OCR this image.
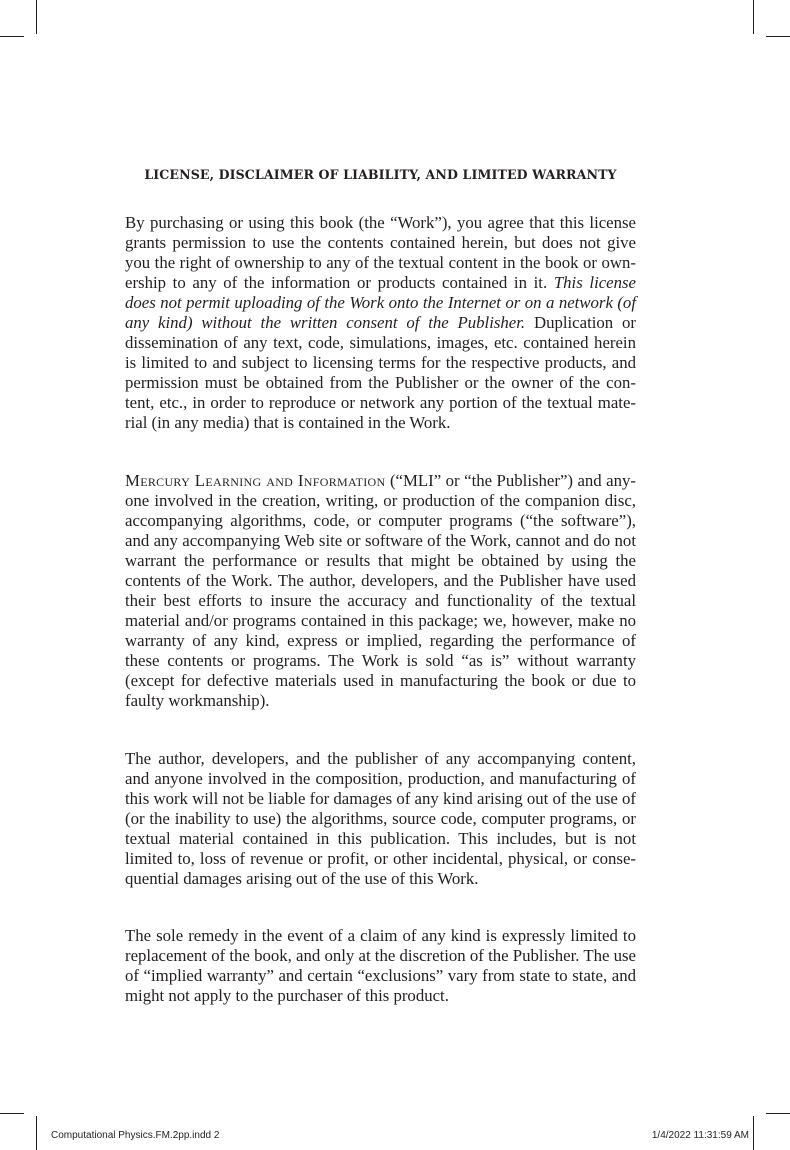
LICENSE, DISCLAIMER OF LIABILITY, AND LIMITED WARRANTY
By purchasing or using this book (the “Work”), you agree that this license grants permission to use the contents contained herein, but does not give you the right of ownership to any of the textual content in the book or ownership to any of the information or products contained in it. This license does not permit uploading of the Work onto the Internet or on a network (of any kind) without the written consent of the Publisher. Duplication or dissemination of any text, code, simulations, images, etc. contained herein is limited to and subject to licensing terms for the respective products, and permission must be obtained from the Publisher or the owner of the content, etc., in order to reproduce or network any portion of the textual material (in any media) that is contained in the Work.
Mercury Learning and Information (“MLI” or “the Publisher”) and anyone involved in the creation, writing, or production of the companion disc, accompanying algorithms, code, or computer programs (“the software”), and any accompanying Web site or software of the Work, cannot and do not warrant the performance or results that might be obtained by using the contents of the Work. The author, developers, and the Publisher have used their best efforts to insure the accuracy and functionality of the textual material and/or programs contained in this package; we, however, make no warranty of any kind, express or implied, regarding the performance of these contents or programs. The Work is sold “as is” without warranty (except for defective materials used in manufacturing the book or due to faulty workmanship).
The author, developers, and the publisher of any accompanying content, and anyone involved in the composition, production, and manufacturing of this work will not be liable for damages of any kind arising out of the use of (or the inability to use) the algorithms, source code, computer programs, or textual material contained in this publication. This includes, but is not limited to, loss of revenue or profit, or other incidental, physical, or consequential damages arising out of the use of this Work.
The sole remedy in the event of a claim of any kind is expressly limited to replacement of the book, and only at the discretion of the Publisher. The use of “implied warranty” and certain “exclusions” vary from state to state, and might not apply to the purchaser of this product.
Computational Physics.FM.2pp.indd 2	1/4/2022 11:31:59 AM
